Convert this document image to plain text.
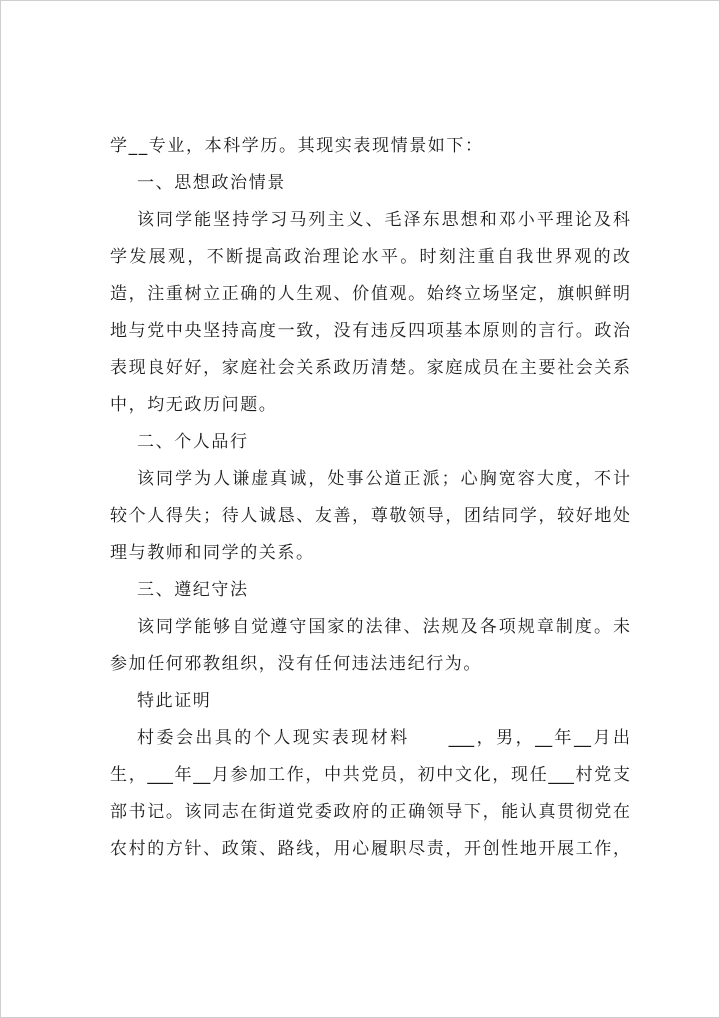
学__专业，本科学历。其现实表现情景如下：
一、思想政治情景
该同学能坚持学习马列主义、毛泽东思想和邓小平理论及科
学发展观，不断提高政治理论水平。时刻注重自我世界观的改
造，注重树立正确的人生观、价值观。始终立场坚定，旗帜鲜明
地与党中央坚持高度一致，没有违反四项基本原则的言行。政治
表现良好好，家庭社会关系政历清楚。家庭成员在主要社会关系
中，均无政历问题。
二、个人品行
该同学为人谦虚真诚，处事公道正派；心胸宽容大度，不计
较个人得失；待人诚恳、友善，尊敬领导，团结同学，较好地处
理与教师和同学的关系。
三、遵纪守法
该同学能够自觉遵守国家的法律、法规及各项规章制度。未
参加任何邪教组织，没有任何违法违纪行为。
特此证明
村委会出具的个人现实表现材料　　___，男，__年__月出
生，___年__月参加工作，中共党员，初中文化，现任___村党支
部书记。该同志在街道党委政府的正确领导下，能认真贯彻党在
农村的方针、政策、路线，用心履职尽责，开创性地开展工作，
